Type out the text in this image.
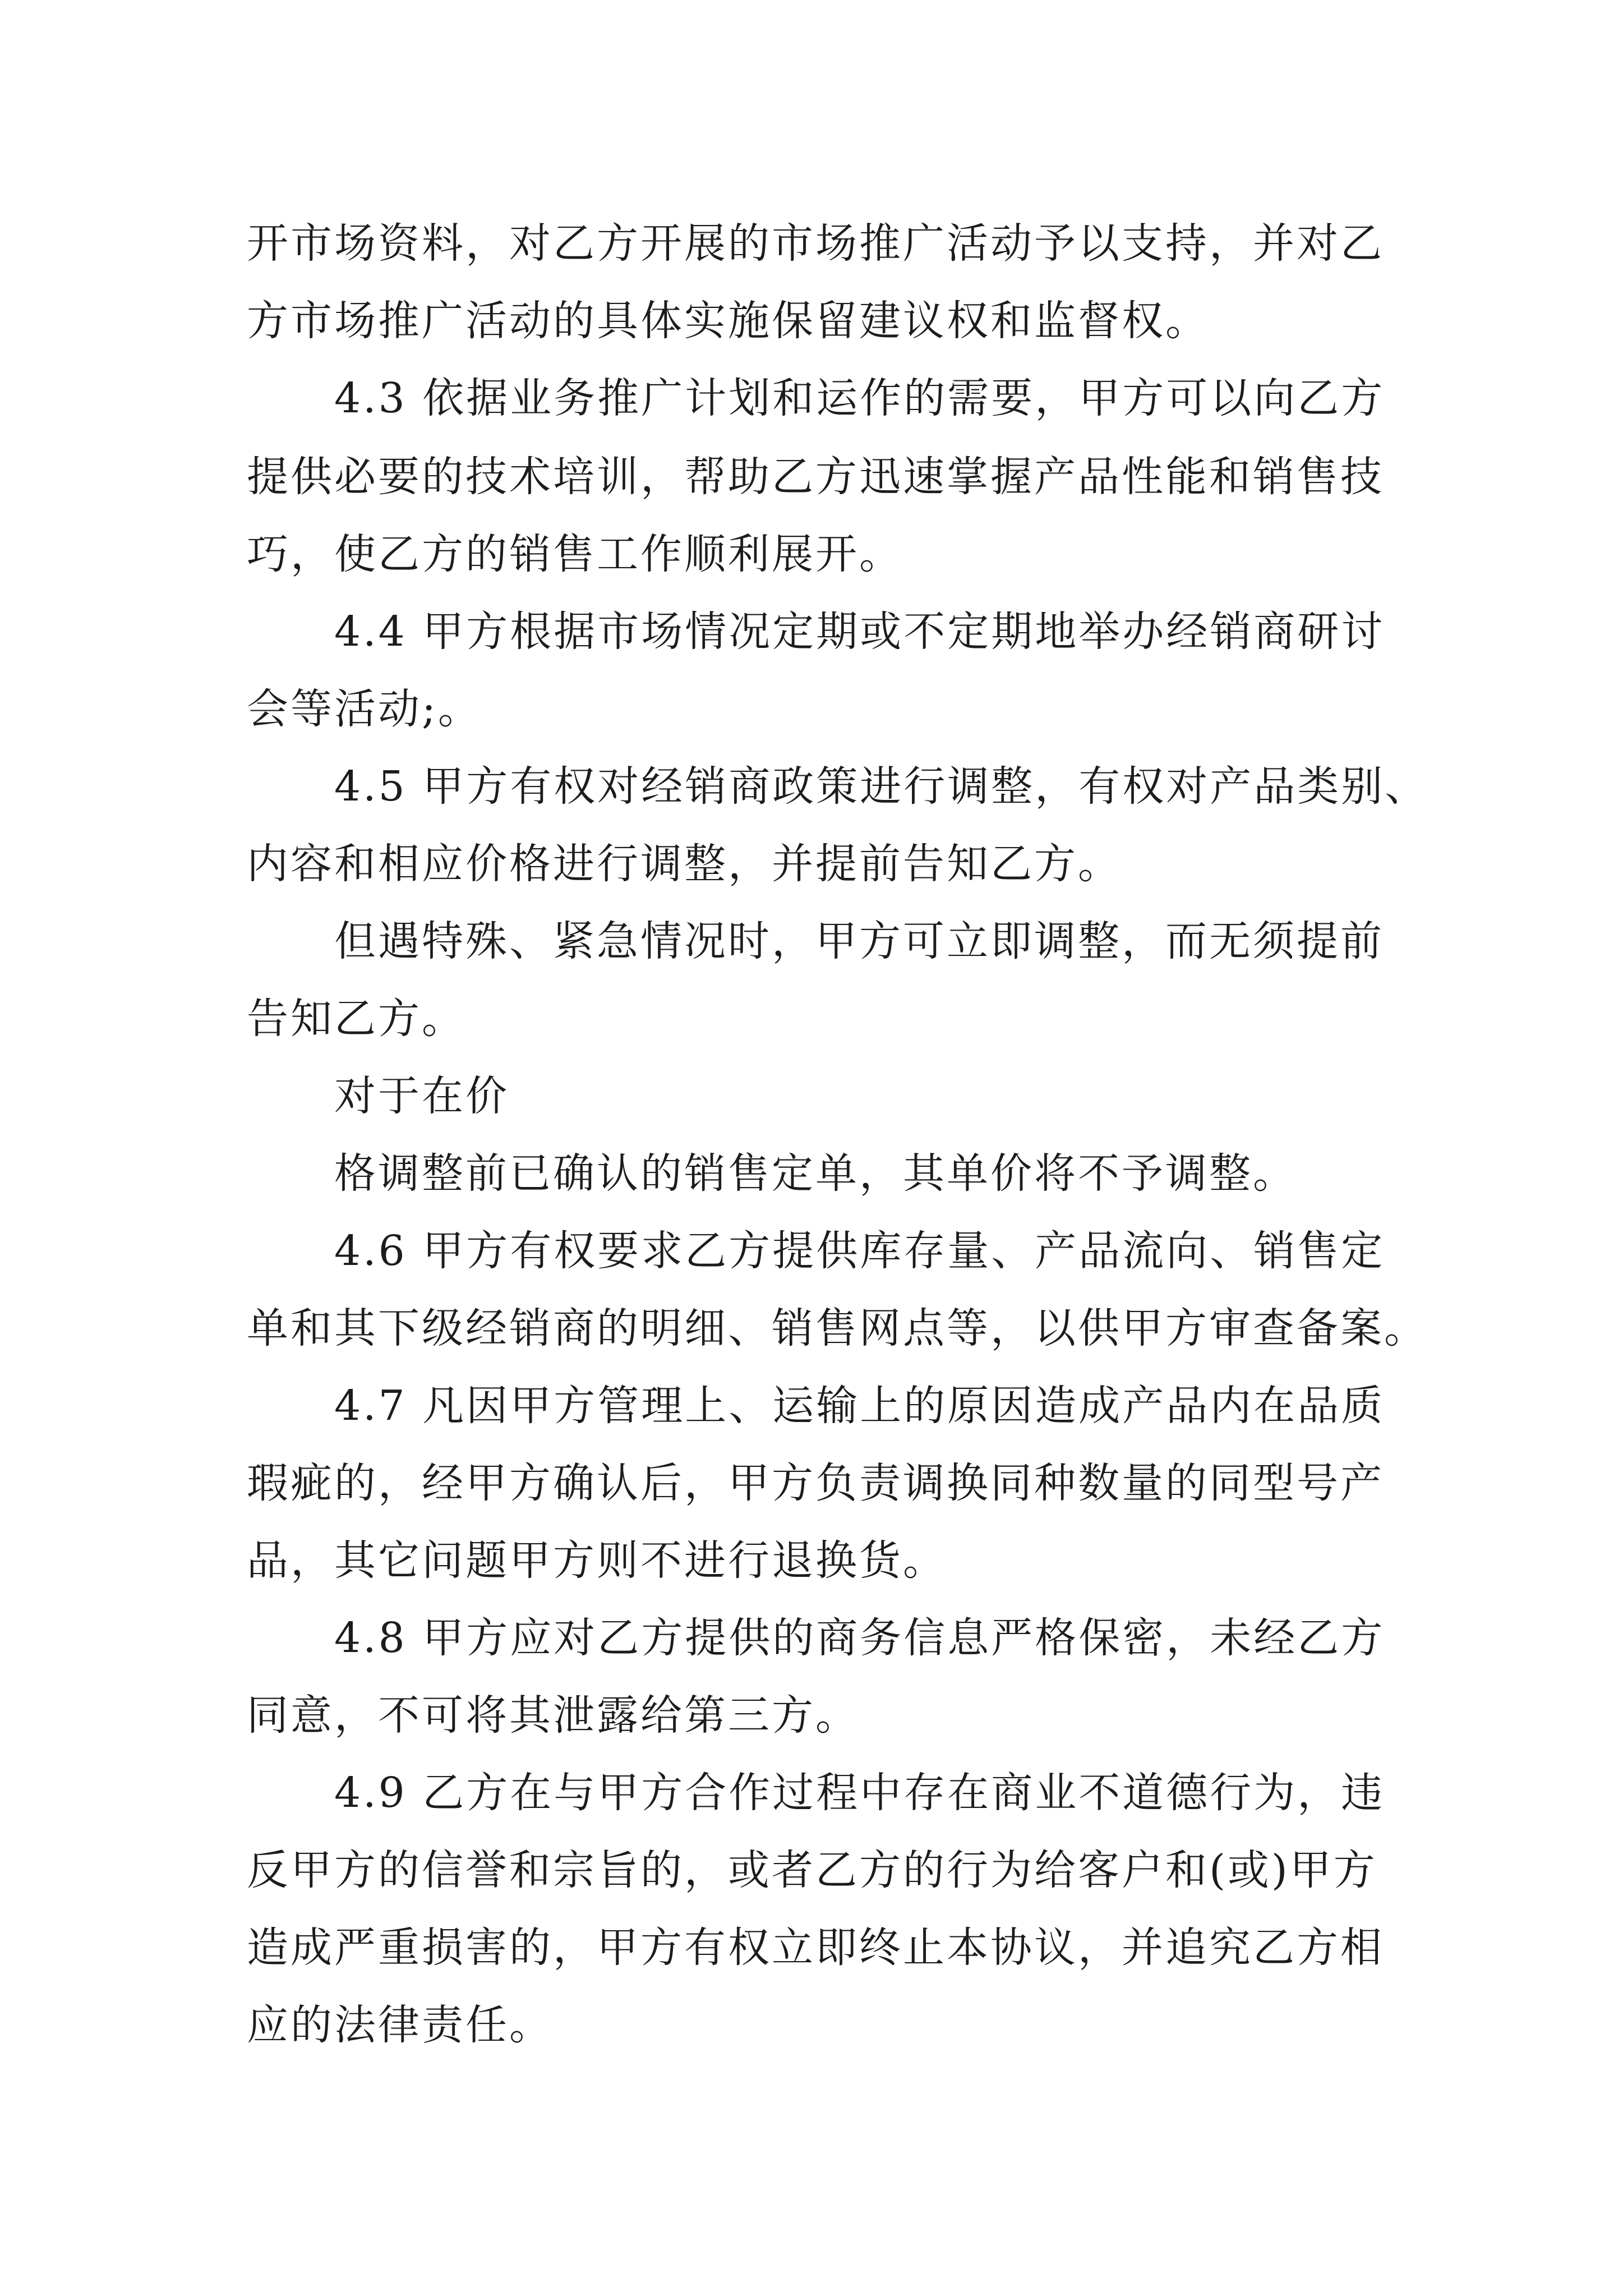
开市场资料，对乙方开展的市场推广活动予以支持，并对乙

方市场推广活动的具体实施保留建议权和监督权。

4.3 依据业务推广计划和运作的需要，甲方可以向乙方

提供必要的技术培训，帮助乙方迅速掌握产品性能和销售技

巧，使乙方的销售工作顺利展开。

4.4 甲方根据市场情况定期或不定期地举办经销商研讨

会等活动;。

4.5 甲方有权对经销商政策进行调整，有权对产品类别、

内容和相应价格进行调整，并提前告知乙方。

但遇特殊、紧急情况时，甲方可立即调整，而无须提前

告知乙方。

对于在价

格调整前已确认的销售定单，其单价将不予调整。

4.6 甲方有权要求乙方提供库存量、产品流向、销售定

单和其下级经销商的明细、销售网点等，以供甲方审查备案。

4.7 凡因甲方管理上、运输上的原因造成产品内在品质

瑕疵的，经甲方确认后，甲方负责调换同种数量的同型号产

品，其它问题甲方则不进行退换货。

4.8 甲方应对乙方提供的商务信息严格保密，未经乙方

同意，不可将其泄露给第三方。

4.9 乙方在与甲方合作过程中存在商业不道德行为，违

反甲方的信誉和宗旨的，或者乙方的行为给客户和(或)甲方

造成严重损害的，甲方有权立即终止本协议，并追究乙方相

应的法律责任。
